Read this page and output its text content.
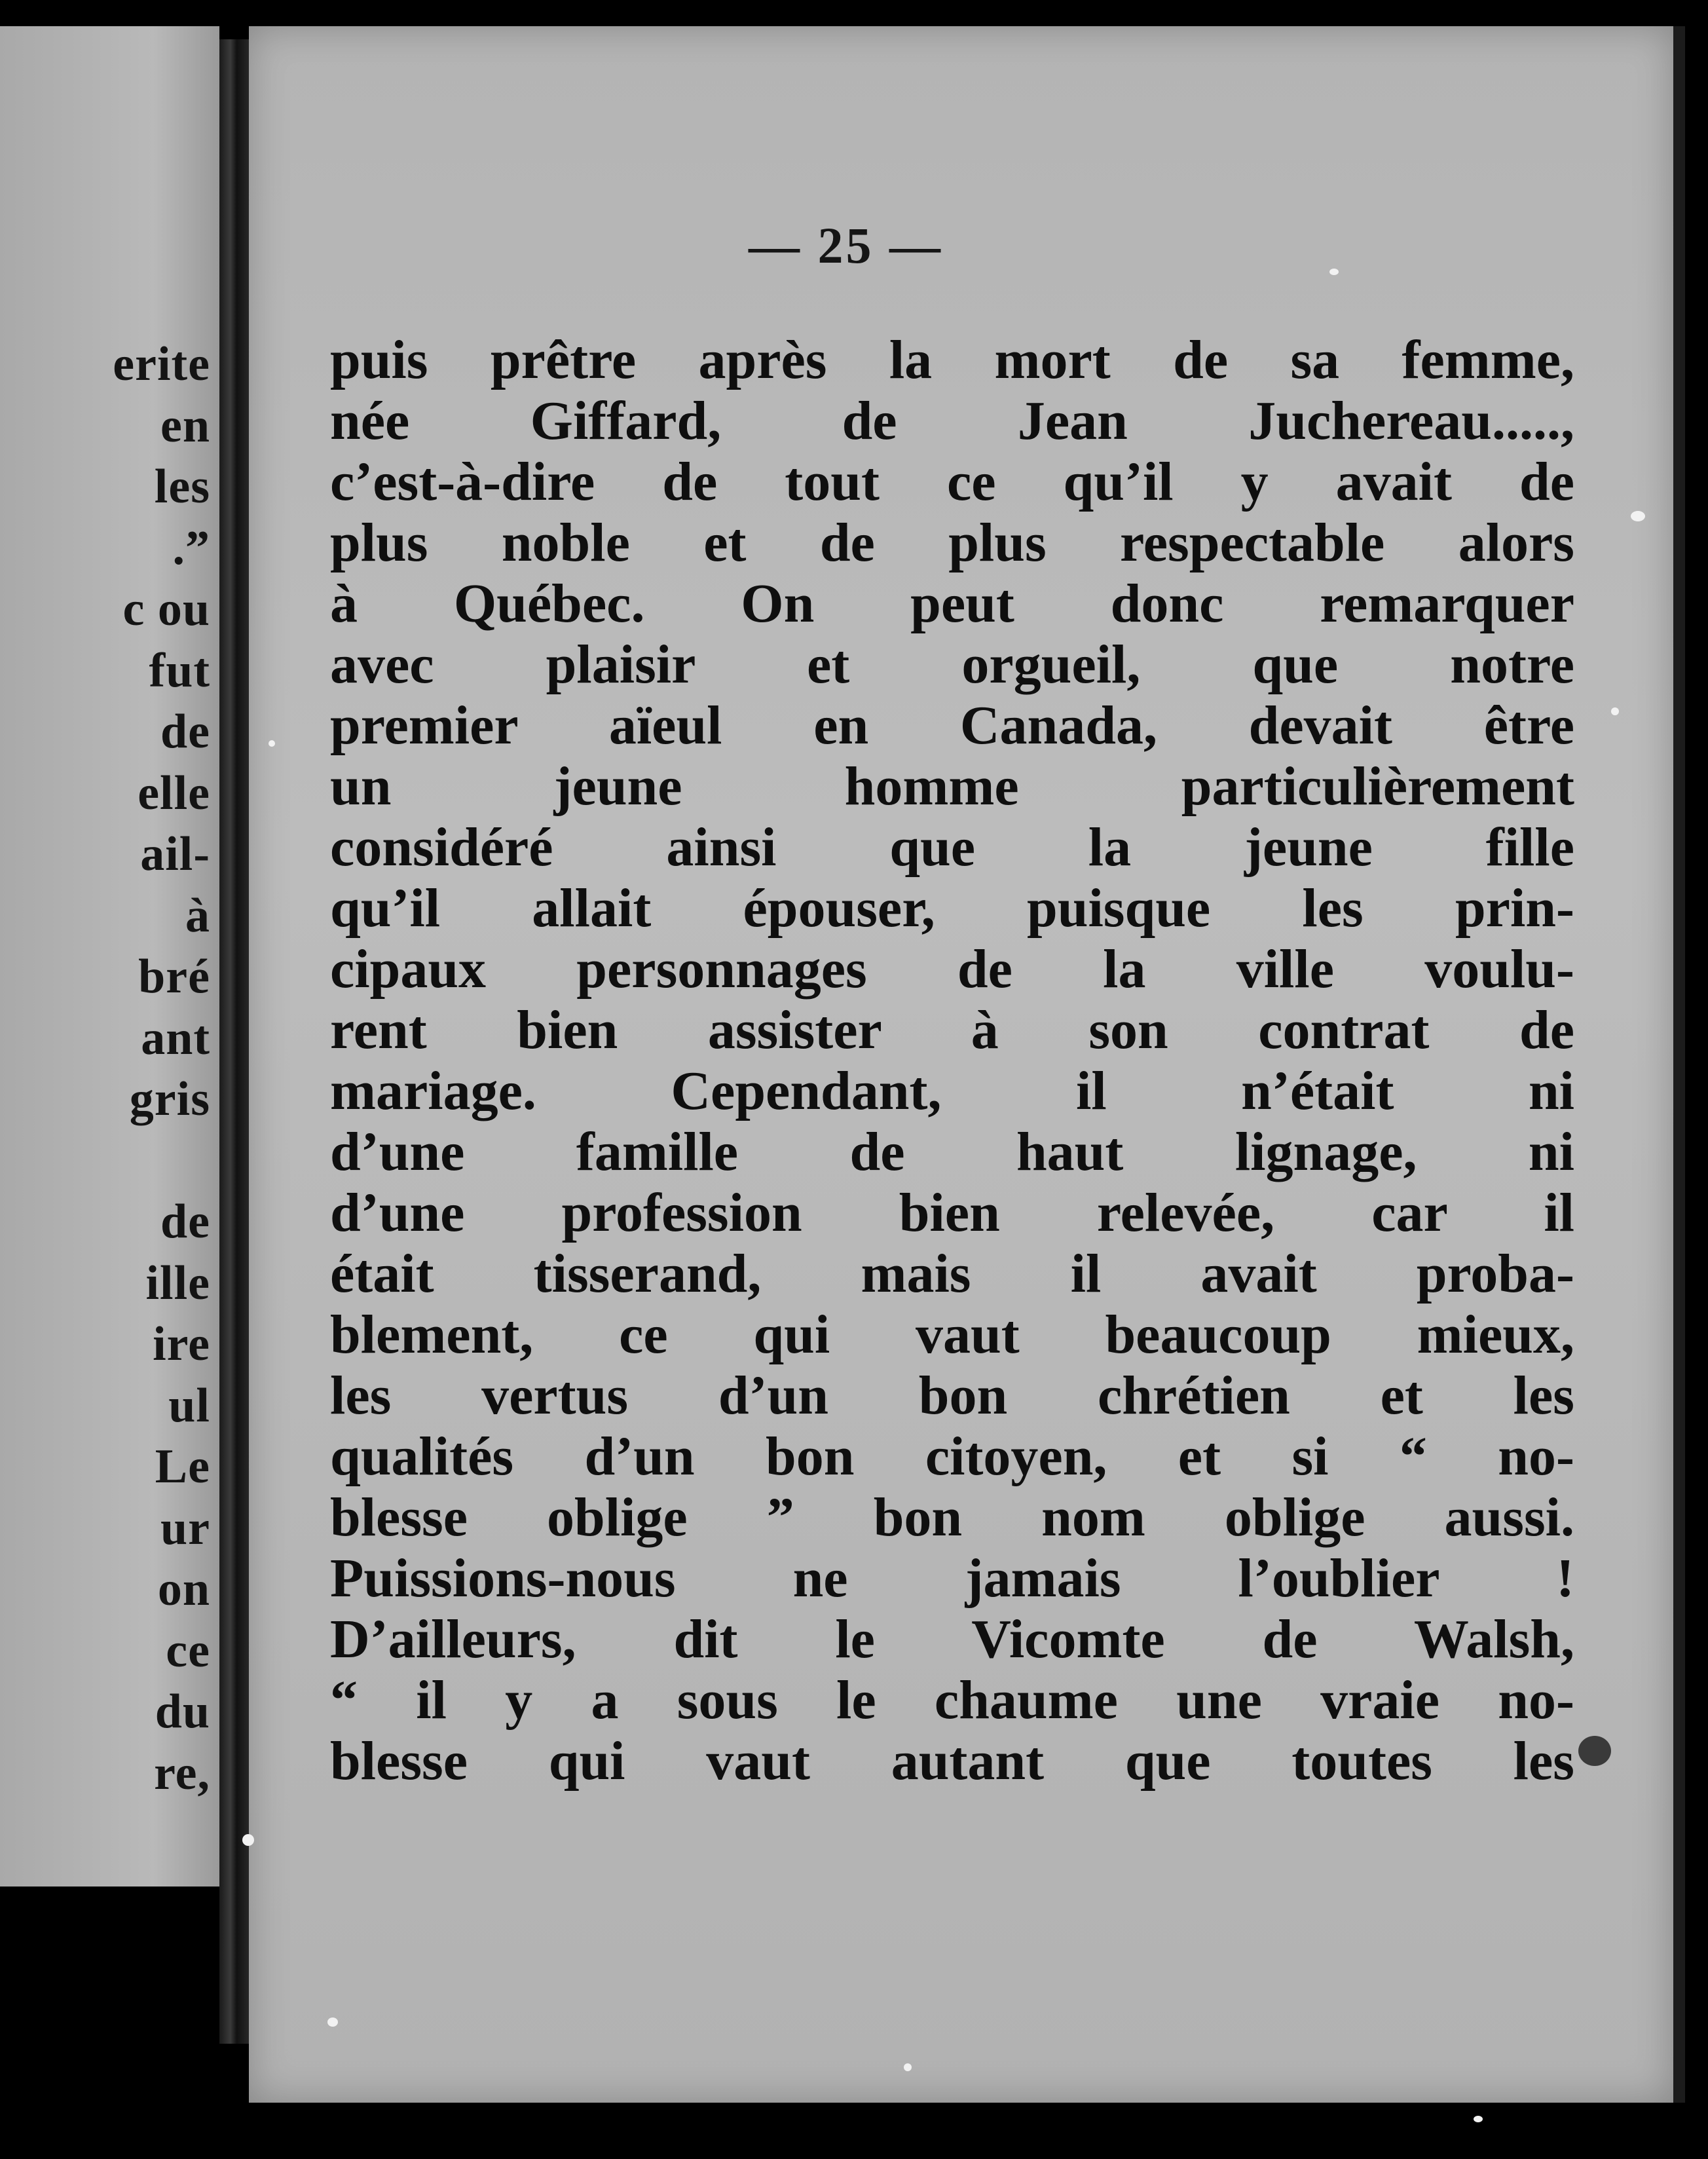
erite
en
les
.”
c ou
fut
de
elle
ail-
à
bré
ant
gris
de
ille
ire
ul
Le
ur
on
ce
du
re,
— 25 —
puis prêtre après la mort de sa femme,
née Giffard, de Jean Juchereau.....,
c’est-à-dire de tout ce qu’il y avait de
plus noble et de plus respectable alors
à Québec. On peut donc remarquer
avec plaisir et orgueil, que notre
premier aïeul en Canada, devait être
un jeune homme particulièrement
considéré ainsi que la jeune fille
qu’il allait épouser, puisque les prin-
cipaux personnages de la ville voulu-
rent bien assister à son contrat de
mariage. Cependant, il n’était ni
d’une famille de haut lignage, ni
d’une profession bien relevée, car il
était tisserand, mais il avait proba-
blement, ce qui vaut beaucoup mieux,
les vertus d’un bon chrétien et les
qualités d’un bon citoyen, et si “ no-
blesse oblige ” bon nom oblige aussi.
Puissions-nous ne jamais l’oublier !
D’ailleurs, dit le Vicomte de Walsh,
“ il y a sous le chaume une vraie no-
blesse qui vaut autant que toutes les
